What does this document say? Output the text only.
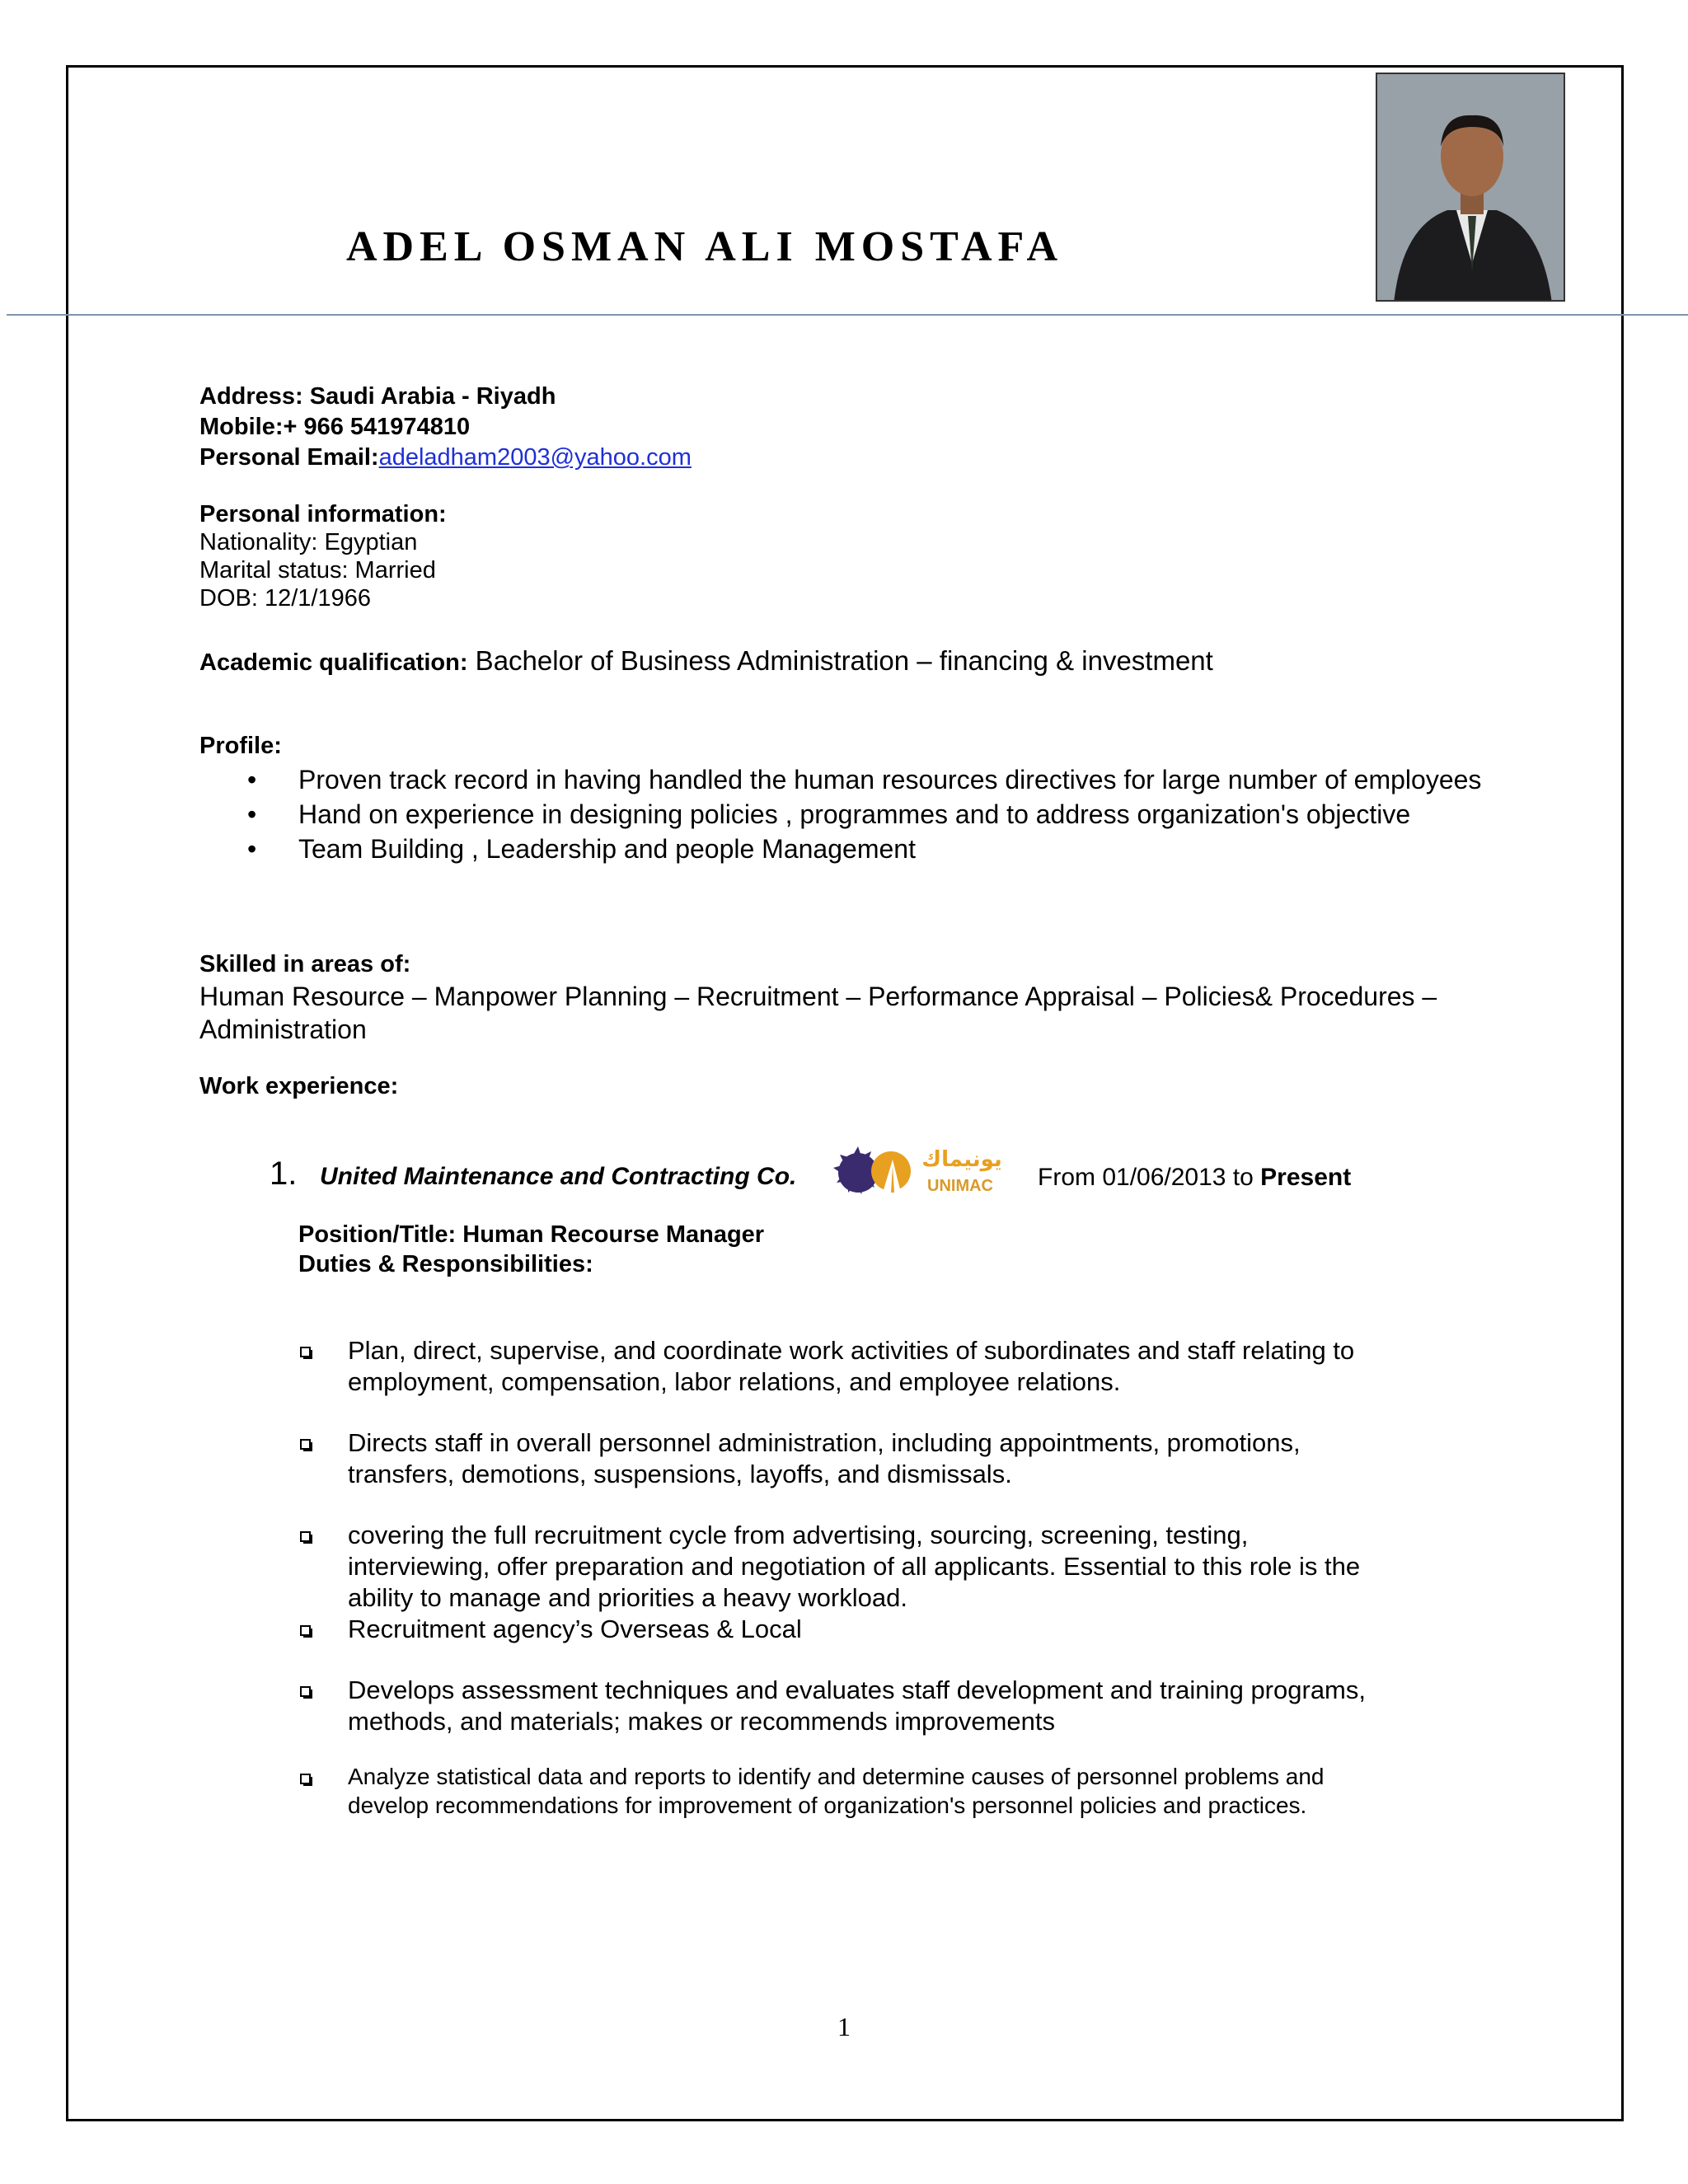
ADEL OSMAN ALI MOSTAFA
Address: Saudi Arabia - Riyadh
Mobile:+ 966 541974810
Personal Email:adeladham2003@yahoo.com
Personal information:
Nationality: Egyptian
Marital status: Married
DOB: 12/1/1966
Academic qualification: Bachelor of Business Administration – financing & investment
Profile:
• Proven track record in having handled the human resources directives for large number of employees
• Hand on experience in designing policies , programmes and to address organization's objective
• Team Building , Leadership and people Management
Skilled in areas of:
Human Resource – Manpower Planning – Recruitment – Performance Appraisal – Policies& Procedures – Administration
Work experience:
1. United Maintenance and Contracting Co.
يونيماك
UNIMAC From 01/06/2013 to Present
Position/Title: Human Recourse Manager
Duties & Responsibilities:
Plan, direct, supervise, and coordinate work activities of subordinates and staff relating to employment, compensation, labor relations, and employee relations.
Directs staff in overall personnel administration, including appointments, promotions, transfers, demotions, suspensions, layoffs, and dismissals.
covering the full recruitment cycle from advertising, sourcing, screening, testing, interviewing, offer preparation and negotiation of all applicants. Essential to this role is the ability to manage and priorities a heavy workload.
Recruitment agency’s Overseas & Local
Develops assessment techniques and evaluates staff development and training programs, methods, and materials; makes or recommends improvements
Analyze statistical data and reports to identify and determine causes of personnel problems and develop recommendations for improvement of organization's personnel policies and practices.
1
